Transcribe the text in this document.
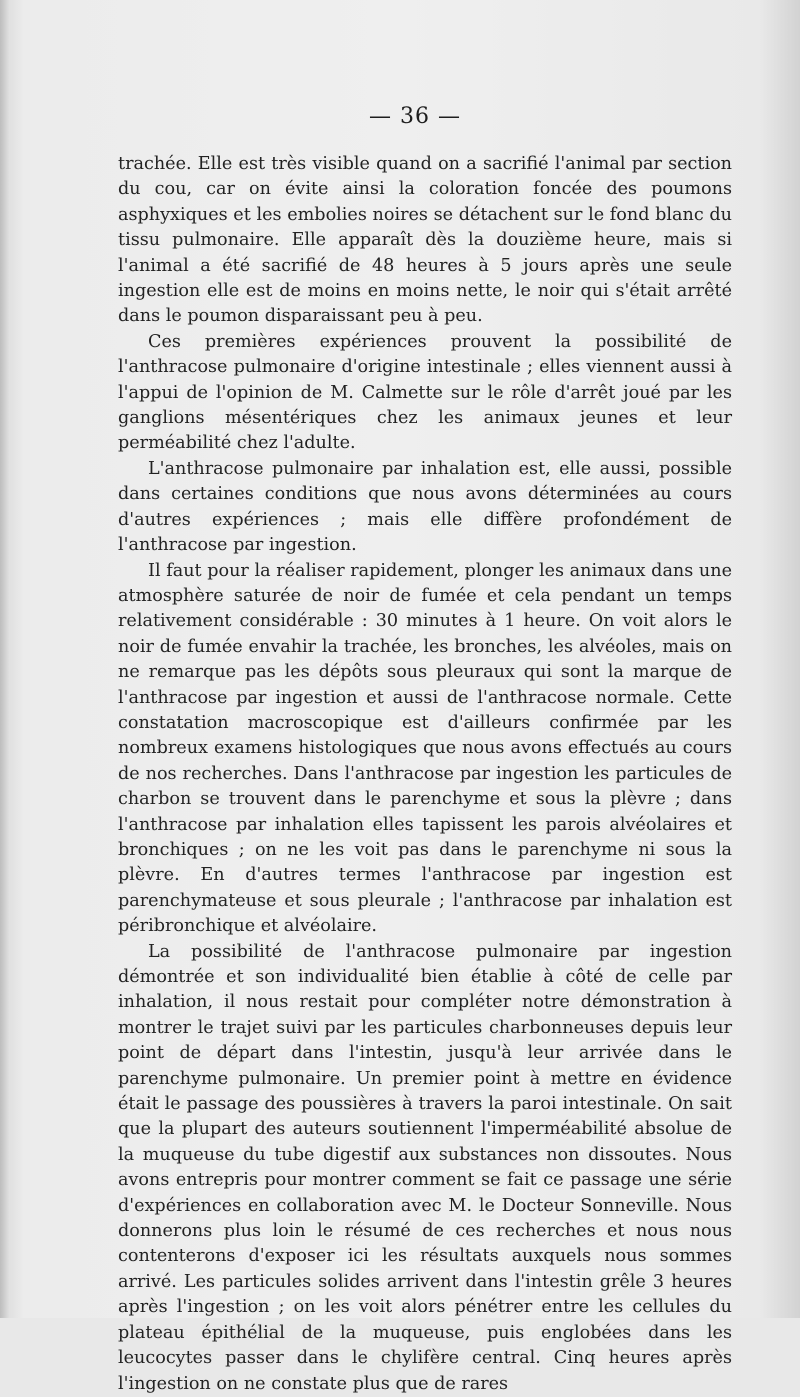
— 36 —

trachée. Elle est très visible quand on a sacrifié l'animal par section du cou, car on évite ainsi la coloration foncée des poumons asphyxiques et les embolies noires se détachent sur le fond blanc du tissu pulmonaire. Elle apparaît dès la douzième heure, mais si l'animal a été sacrifié de 48 heures à 5 jours après une seule ingestion elle est de moins en moins nette, le noir qui s'était arrêté dans le poumon disparaissant peu à peu.

Ces premières expériences prouvent la possibilité de l'anthracose pulmonaire d'origine intestinale ; elles viennent aussi à l'appui de l'opinion de M. Calmette sur le rôle d'arrêt joué par les ganglions mésentériques chez les animaux jeunes et leur perméabilité chez l'adulte.

L'anthracose pulmonaire par inhalation est, elle aussi, possible dans certaines conditions que nous avons déterminées au cours d'autres expériences ; mais elle diffère profondément de l'anthracose par ingestion.

Il faut pour la réaliser rapidement, plonger les animaux dans une atmosphère saturée de noir de fumée et cela pendant un temps relativement considérable : 30 minutes à 1 heure. On voit alors le noir de fumée envahir la trachée, les bronches, les alvéoles, mais on ne remarque pas les dépôts sous pleuraux qui sont la marque de l'anthracose par ingestion et aussi de l'anthracose normale. Cette constatation macroscopique est d'ailleurs confirmée par les nombreux examens histologiques que nous avons effectués au cours de nos recherches. Dans l'anthracose par ingestion les particules de charbon se trouvent dans le parenchyme et sous la plèvre ; dans l'anthracose par inhalation elles tapissent les parois alvéolaires et bronchiques ; on ne les voit pas dans le parenchyme ni sous la plèvre. En d'autres termes l'anthracose par ingestion est parenchymateuse et sous pleurale ; l'anthracose par inhalation est péribronchique et alvéolaire.

La possibilité de l'anthracose pulmonaire par ingestion démontrée et son individualité bien établie à côté de celle par inhalation, il nous restait pour compléter notre démonstration à montrer le trajet suivi par les particules charbonneuses depuis leur point de départ dans l'intestin, jusqu'à leur arrivée dans le parenchyme pulmonaire. Un premier point à mettre en évidence était le passage des poussières à travers la paroi intestinale. On sait que la plupart des auteurs soutiennent l'imperméabilité absolue de la muqueuse du tube digestif aux substances non dissoutes. Nous avons entrepris pour montrer comment se fait ce passage une série d'expériences en collaboration avec M. le Docteur Sonneville. Nous donnerons plus loin le résumé de ces recherches et nous nous contenterons d'exposer ici les résultats auxquels nous sommes arrivé. Les particules solides arrivent dans l'intestin grêle 3 heures après l'ingestion ; on les voit alors pénétrer entre les cellules du plateau épithélial de la muqueuse, puis englobées dans les leucocytes passer dans le chylifère central. Cinq heures après l'ingestion on ne constate plus que de rares
